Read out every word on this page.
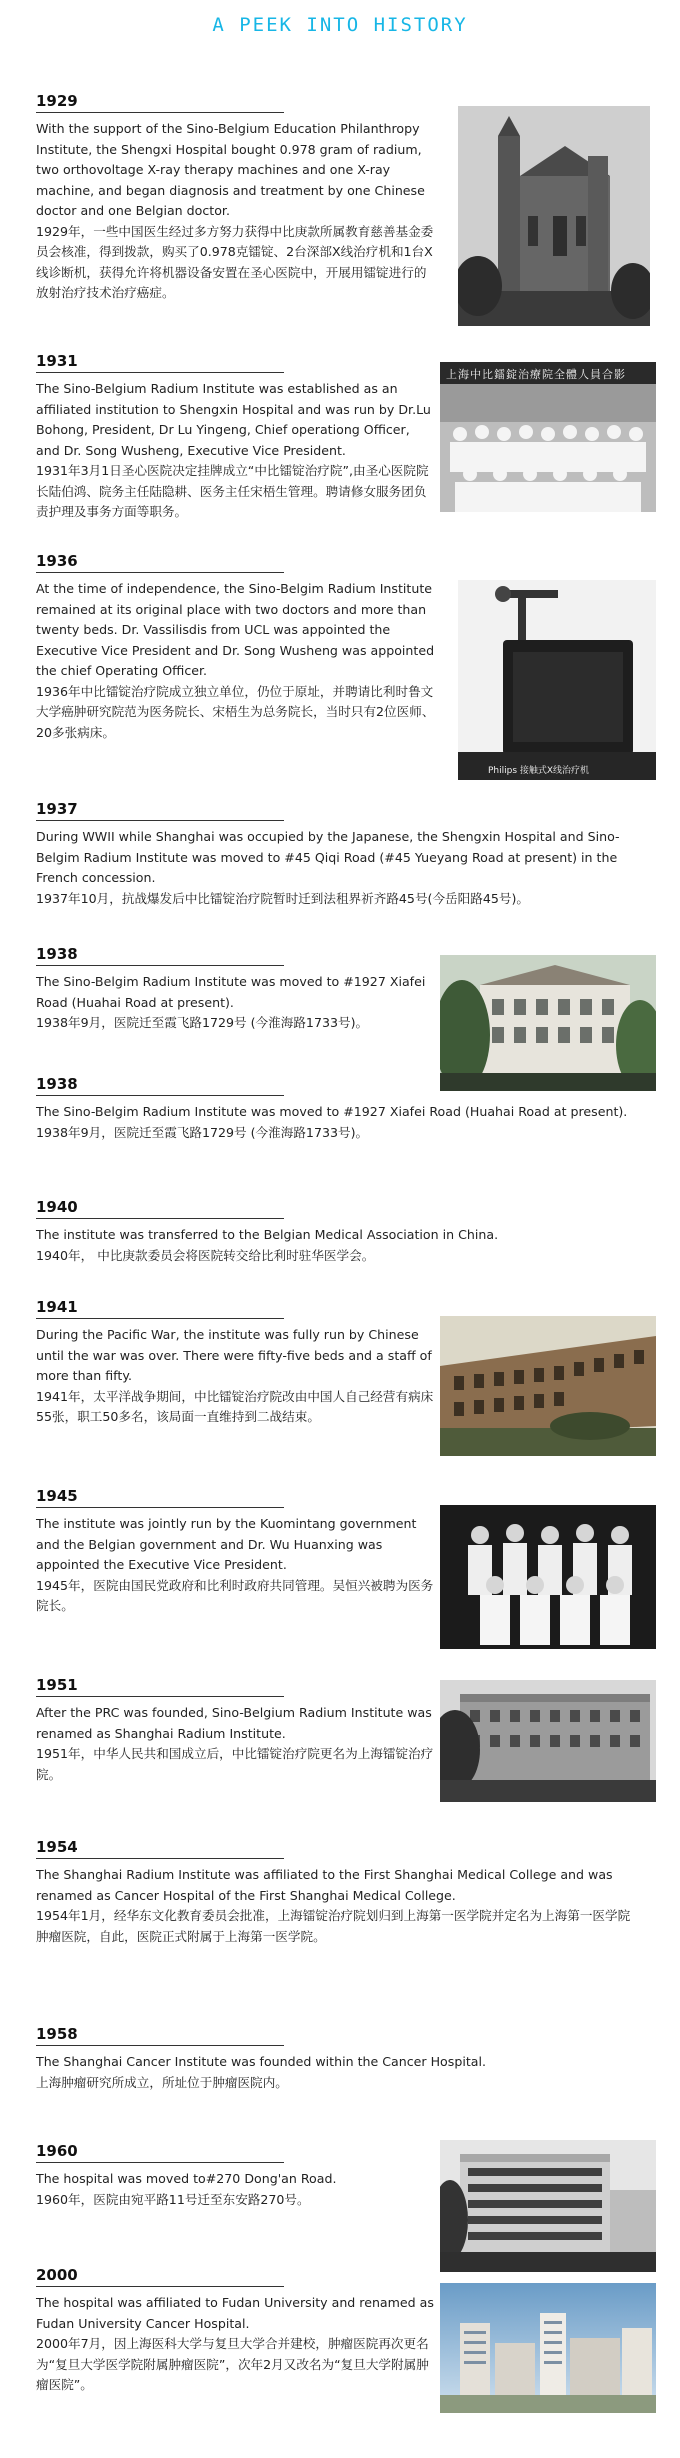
A PEEK INTO HISTORY
1929

With the support of the Sino-Belgium Education Philanthropy Institute, the Shengxi Hospital bought 0.978 gram of radium, two orthovoltage X-ray therapy machines and one X-ray machine, and began diagnosis and treatment by one Chinese doctor and one Belgian doctor.

1929年，一些中国医生经过多方努力获得中比庚款所属教育慈善基金委员会核准，得到拨款，购买了0.978克镭锭、2台深部X线治疗机和1台X线诊断机，获得允许将机器设备安置在圣心医院中，开展用镭锭进行的放射治疗技术治疗癌症。

1931

The Sino-Belgium Radium Institute was established as an affiliated institution to Shengxin Hospital and was run by Dr.Lu Bohong, President, Dr Lu Yingeng, Chief operationg Officer, and Dr. Song Wusheng, Executive Vice President.

1931年3月1日圣心医院决定挂牌成立“中比镭锭治疗院”,由圣心医院院长陆伯鸿、院务主任陆隐耕、医务主任宋梧生管理。聘请修女服务团负责护理及事务方面等职务。

上海中比鐳錠治療院全體人員合影
1936

At the time of independence, the Sino-Belgim Radium Institute remained at its original place with two doctors and more than twenty beds. Dr. Vassilisdis from UCL was appointed the Executive Vice President and Dr. Song Wusheng was appointed the chief Operating Officer.

1936年中比镭锭治疗院成立独立单位，仍位于原址，并聘请比利时鲁文大学癌肿研究院范为医务院长、宋梧生为总务院长，当时只有2位医师、20多张病床。

Philips 接触式X线治疗机
1937

During WWII while Shanghai was occupied by the Japanese, the Shengxin Hospital and Sino-Belgim Radium Institute was moved to #45 Qiqi Road (#45 Yueyang Road at present) in the French concession.

1937年10月，抗战爆发后中比镭锭治疗院暂时迁到法租界祈齐路45号(今岳阳路45号)。

1938

The Sino-Belgim Radium Institute was moved to #1927 Xiafei Road (Huahai Road at present).

1938年9月，医院迁至霞飞路1729号 (今淮海路1733号)。

1938

The Sino-Belgim Radium Institute was moved to #1927 Xiafei Road (Huahai Road at present).

1938年9月，医院迁至霞飞路1729号 (今淮海路1733号)。

1940

The institute was transferred to the Belgian Medical Association in China.

1940年， 中比庚款委员会将医院转交给比利时驻华医学会。

1941

During the Pacific War, the institute was fully run by Chinese until the war was over. There were fifty-five beds and a staff of more than fifty.

1941年，太平洋战争期间，中比镭锭治疗院改由中国人自己经营有病床55张，职工50多名，该局面一直维持到二战结束。

1945

The institute was jointly run by the Kuomintang government and the Belgian government and Dr. Wu Huanxing was appointed the Executive Vice President.

1945年，医院由国民党政府和比利时政府共同管理。吴恒兴被聘为医务院长。

1951

After the PRC was founded, Sino-Belgium Radium Institute was renamed as Shanghai Radium Institute.

1951年，中华人民共和国成立后，中比镭锭治疗院更名为上海镭锭治疗院。

1954

The Shanghai Radium Institute was affiliated to the First Shanghai Medical College and was renamed as Cancer Hospital of the First Shanghai Medical College.

1954年1月，经华东文化教育委员会批准，上海镭锭治疗院划归到上海第一医学院并定名为上海第一医学院肿瘤医院，自此，医院正式附属于上海第一医学院。

1958

The Shanghai Cancer Institute was founded within the Cancer Hospital.

上海肿瘤研究所成立，所址位于肿瘤医院内。

1960

The hospital was moved to#270 Dong'an Road.

1960年，医院由宛平路11号迁至东安路270号。

2000

The hospital was affiliated to Fudan University and renamed as Fudan University Cancer Hospital.

2000年7月，因上海医科大学与复旦大学合并建校，肿瘤医院再次更名为“复旦大学医学院附属肿瘤医院”，次年2月又改名为“复旦大学附属肿瘤医院”。
